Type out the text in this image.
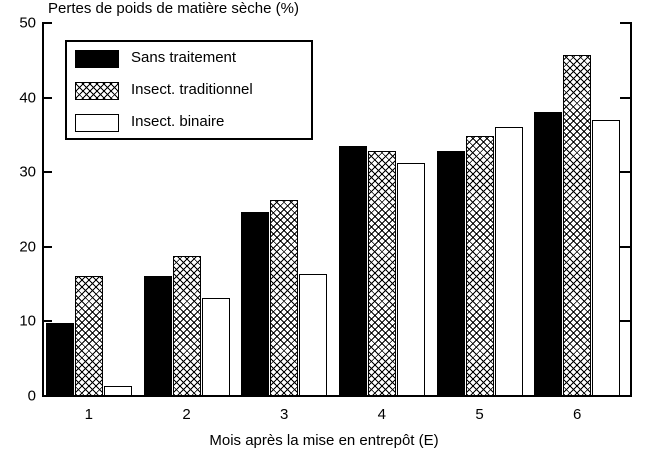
Pertes de poids de matière sèche (%)
0
10
20
30
40
50
1	2	3	4	5	6
Mois après la mise en entrepôt (E)
Sans traitement
Insect. traditionnel
Insect. binaire
